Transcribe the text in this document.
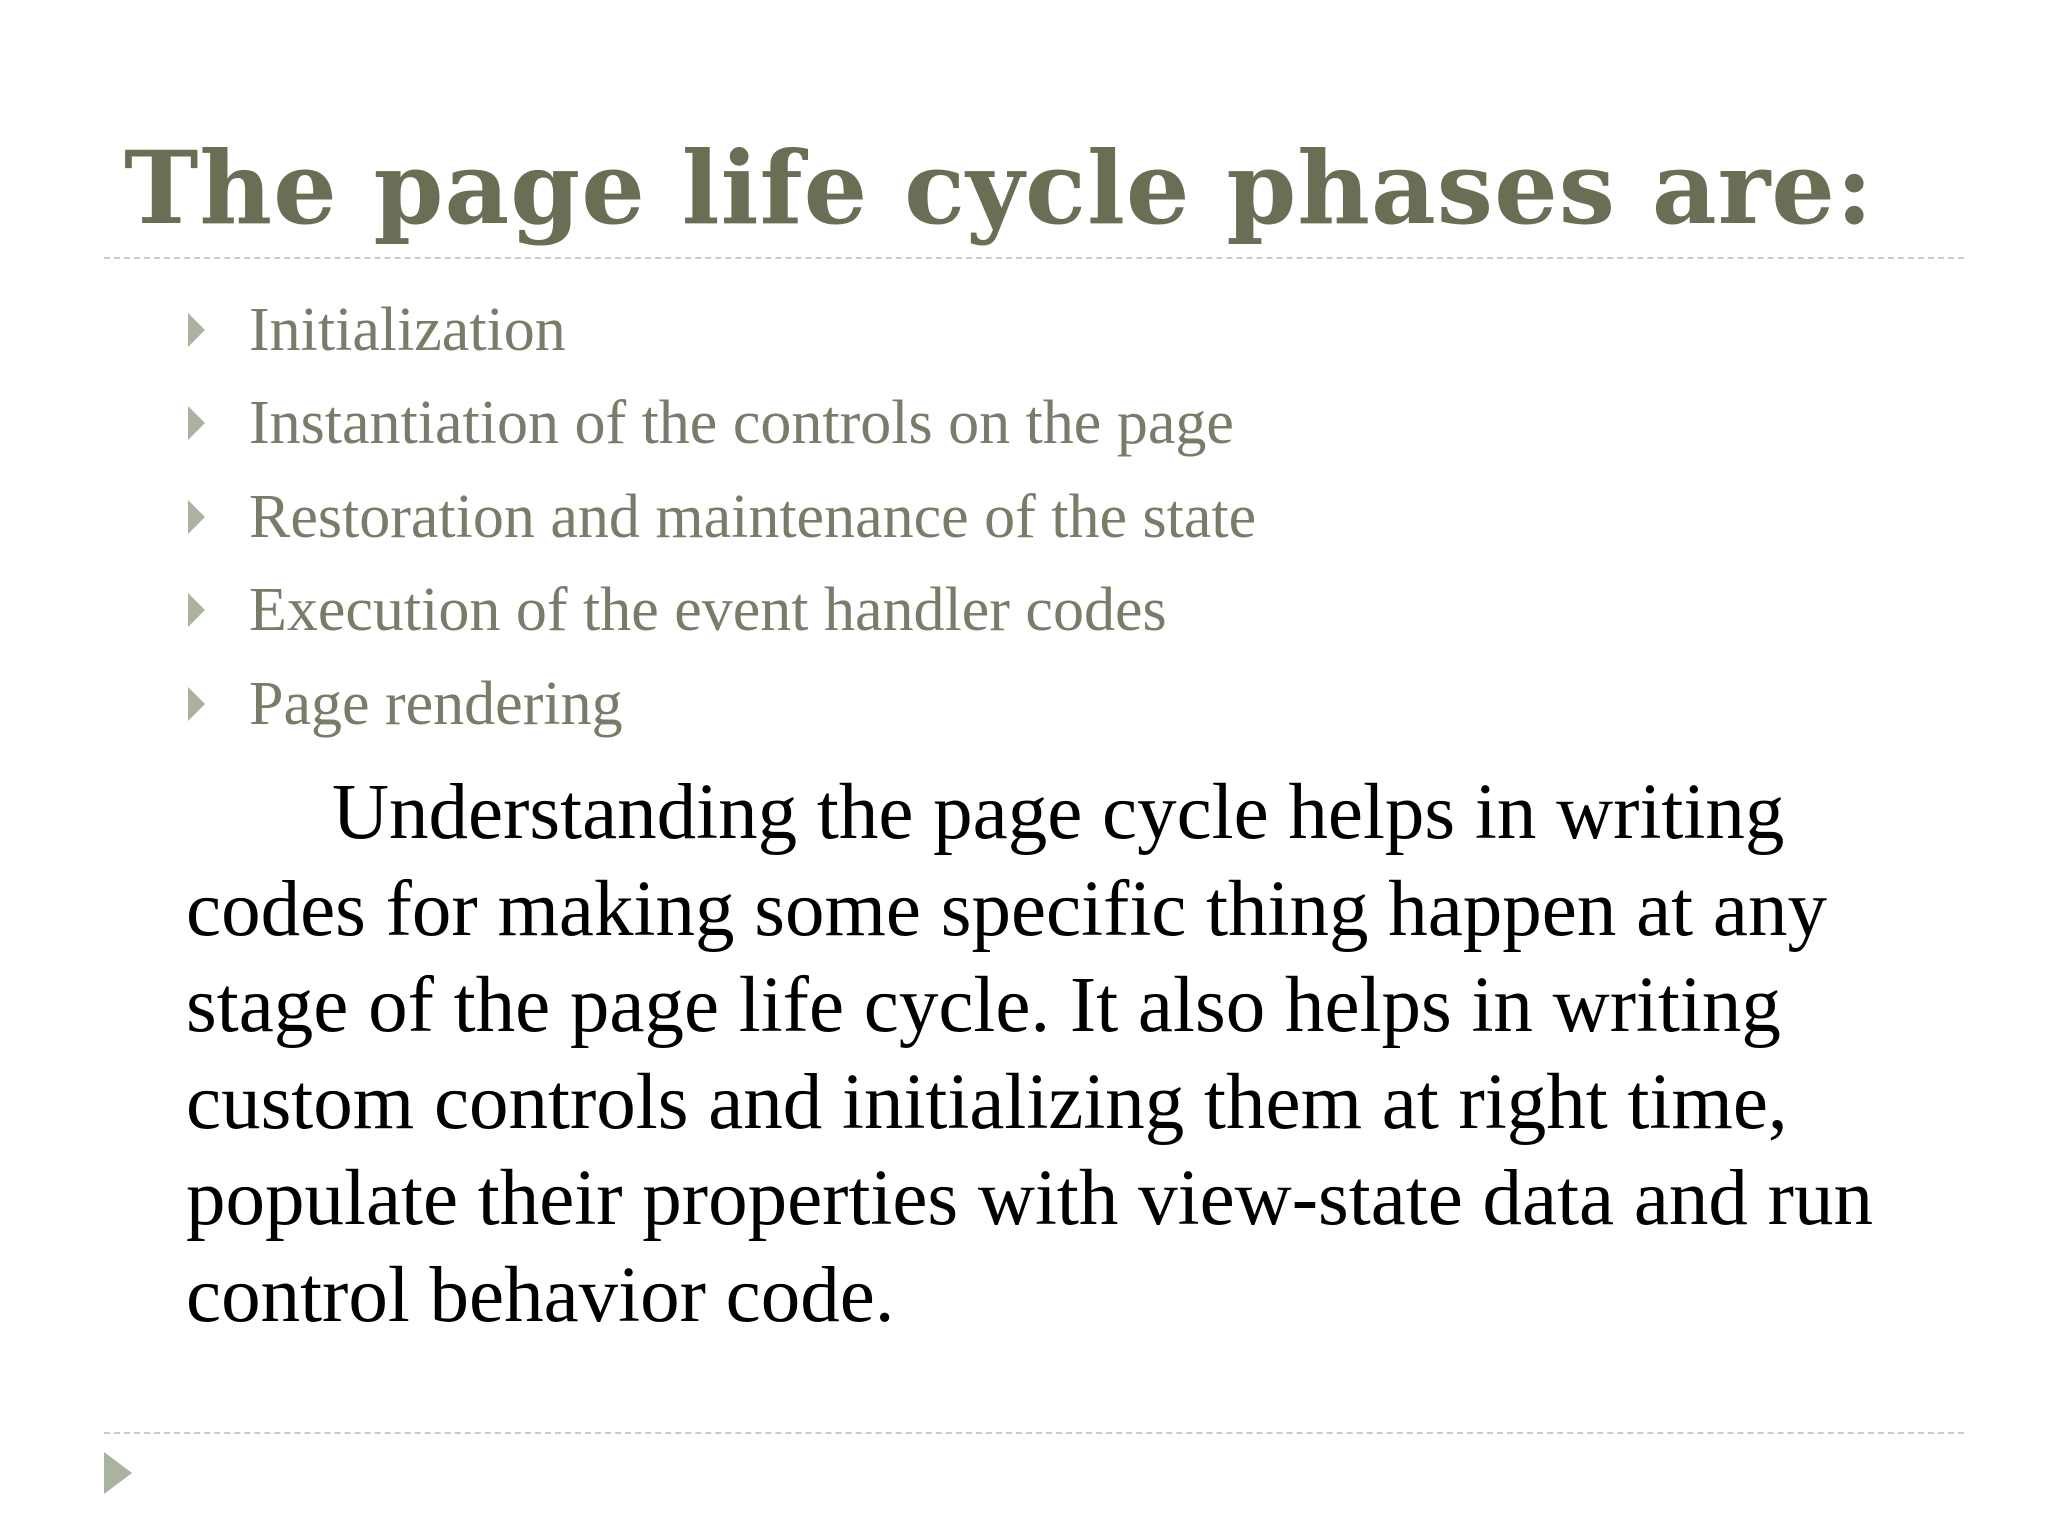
The page life cycle phases are:
Initialization
Instantiation of the controls on the page
Restoration and maintenance of the state
Execution of the event handler codes
Page rendering

Understanding the page cycle helps in writing codes for making some specific thing happen at any stage of the page life cycle. It also helps in writing custom controls and initializing them at right time, populate their properties with view-state data and run control behavior code.
